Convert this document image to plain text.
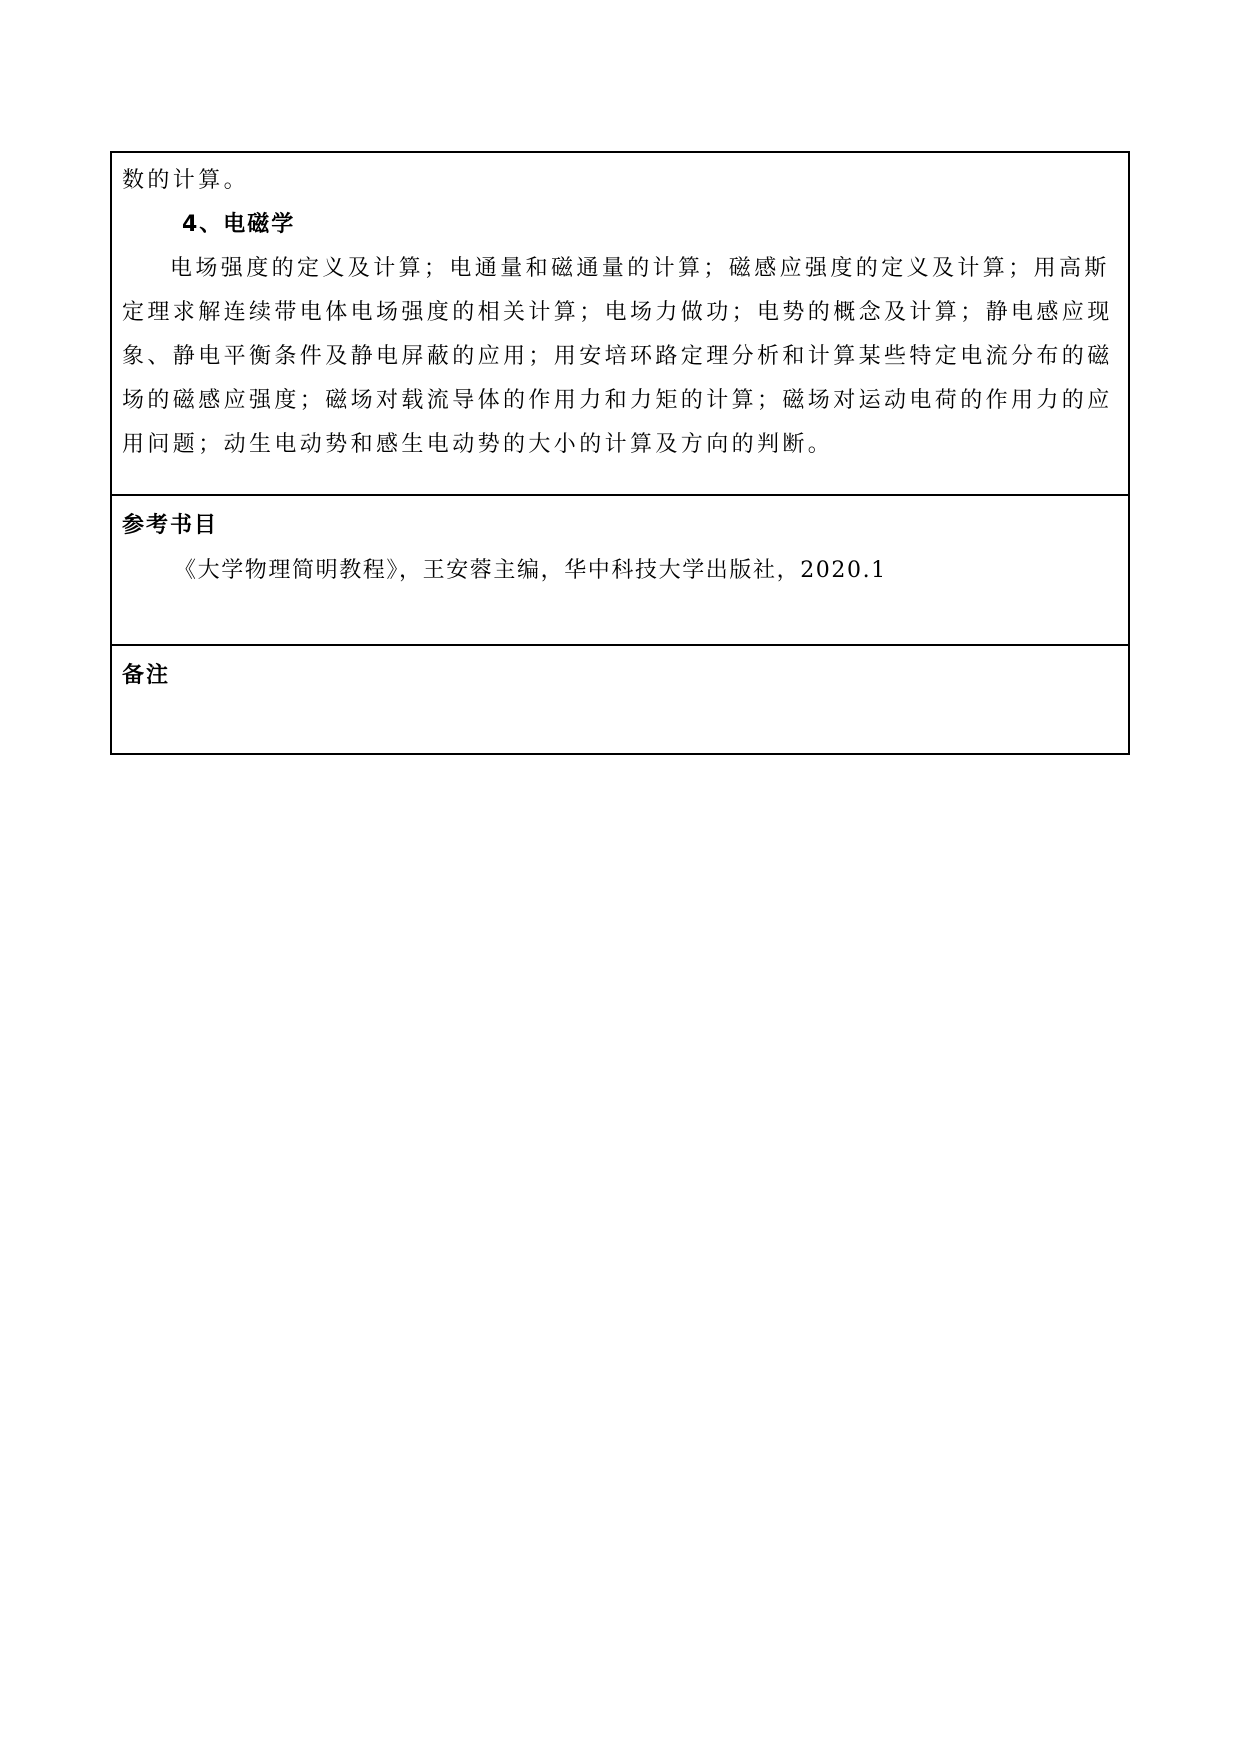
数的计算。

4、电磁学

电场强度的定义及计算；电通量和磁通量的计算；磁感应强度的定义及计算；用高斯定理求解连续带电体电场强度的相关计算；电场力做功；电势的概念及计算；静电感应现象、静电平衡条件及静电屏蔽的应用；用安培环路定理分析和计算某些特定电流分布的磁场的磁感应强度；磁场对载流导体的作用力和力矩的计算；磁场对运动电荷的作用力的应用问题；动生电动势和感生电动势的大小的计算及方向的判断。

参考书目

《大学物理简明教程》，王安蓉主编，华中科技大学出版社，2020.1

备注
